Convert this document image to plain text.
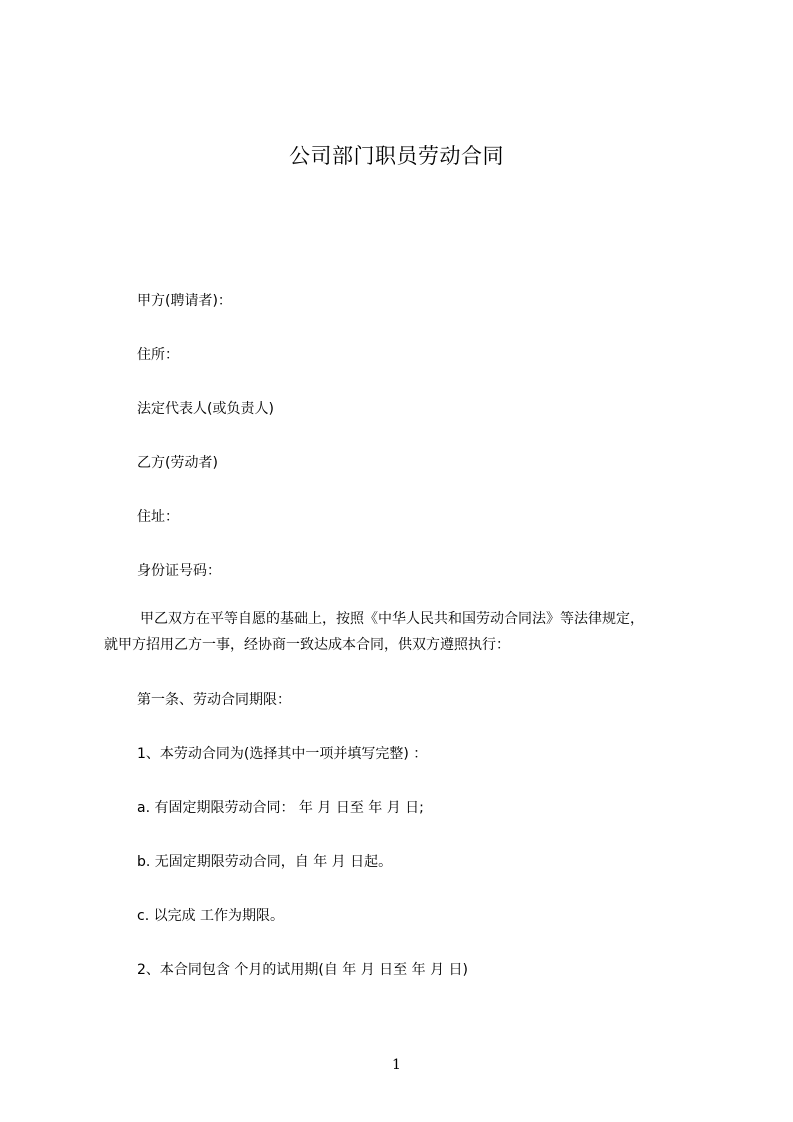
公司部门职员劳动合同
甲方(聘请者)：
住所：
法定代表人(或负责人)
乙方(劳动者)
住址：
身份证号码：
甲乙双方在平等自愿的基础上，按照《中华人民共和国劳动合同法》等法律规定，
就甲方招用乙方一事，经协商一致达成本合同，供双方遵照执行：
第一条、劳动合同期限：
1、本劳动合同为(选择其中一项并填写完整) ：
a. 有固定期限劳动合同： 年 月 日至 年 月 日;
b. 无固定期限劳动合同，自 年 月 日起。
c. 以完成 工作为期限。
2、本合同包含 个月的试用期(自 年 月 日至 年 月 日)
1
